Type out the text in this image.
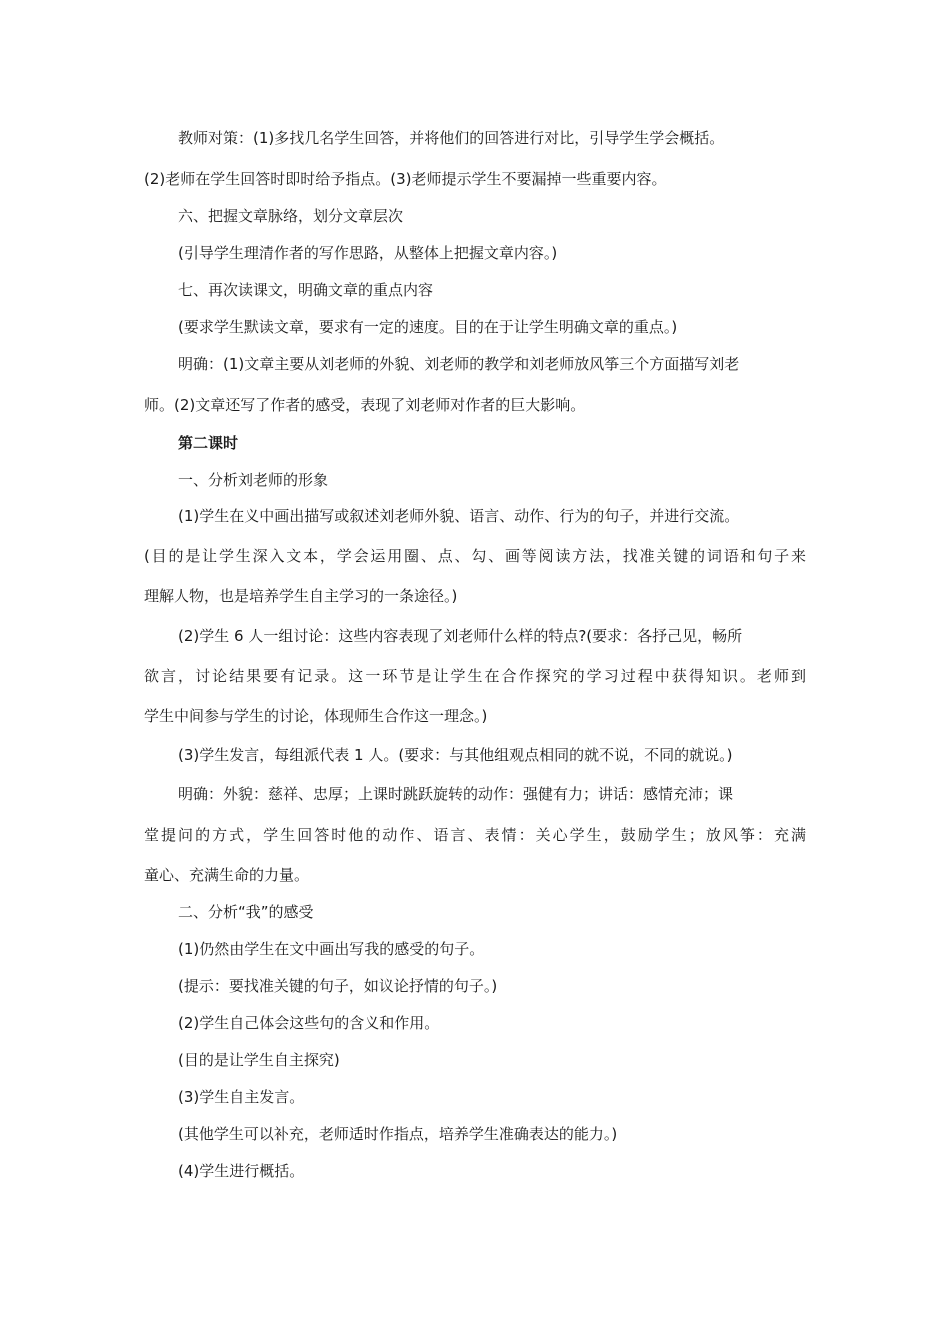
教师对策：(1)多找几名学生回答，并将他们的回答进行对比，引导学生学会概括。

(2)老师在学生回答时即时给予指点。(3)老师提示学生不要漏掉一些重要内容。

六、把握文章脉络，划分文章层次

(引导学生理清作者的写作思路，从整体上把握文章内容。)

七、再次读课文，明确文章的重点内容

(要求学生默读文章，要求有一定的速度。目的在于让学生明确文章的重点。)

明确：(1)文章主要从刘老师的外貌、刘老师的教学和刘老师放风筝三个方面描写刘老

师。(2)文章还写了作者的感受，表现了刘老师对作者的巨大影响。

第二课时

一、分析刘老师的形象

(1)学生在义中画出描写或叙述刘老师外貌、语言、动作、行为的句子，并进行交流。

(目的是让学生深入文本，学会运用圈、点、勾、画等阅读方法，找准关键的词语和句子来

理解人物，也是培养学生自主学习的一条途径。)

(2)学生 6 人一组讨论：这些内容表现了刘老师什么样的特点?(要求：各抒己见，畅所

欲言，讨论结果要有记录。这一环节是让学生在合作探究的学习过程中获得知识。老师到

学生中间参与学生的讨论，体现师生合作这一理念。)

(3)学生发言，每组派代表 1 人。(要求：与其他组观点相同的就不说，不同的就说。)

明确：外貌：慈祥、忠厚；上课时跳跃旋转的动作：强健有力；讲话：感情充沛；课

堂提问的方式，学生回答时他的动作、语言、表情：关心学生，鼓励学生；放风筝：充满

童心、充满生命的力量。

二、分析“我”的感受

(1)仍然由学生在文中画出写我的感受的句子。

(提示：要找准关键的句子，如议论抒情的句子。)

(2)学生自己体会这些句的含义和作用。

(目的是让学生自主探究)

(3)学生自主发言。

(其他学生可以补充，老师适时作指点，培养学生准确表达的能力。)

(4)学生进行概括。
